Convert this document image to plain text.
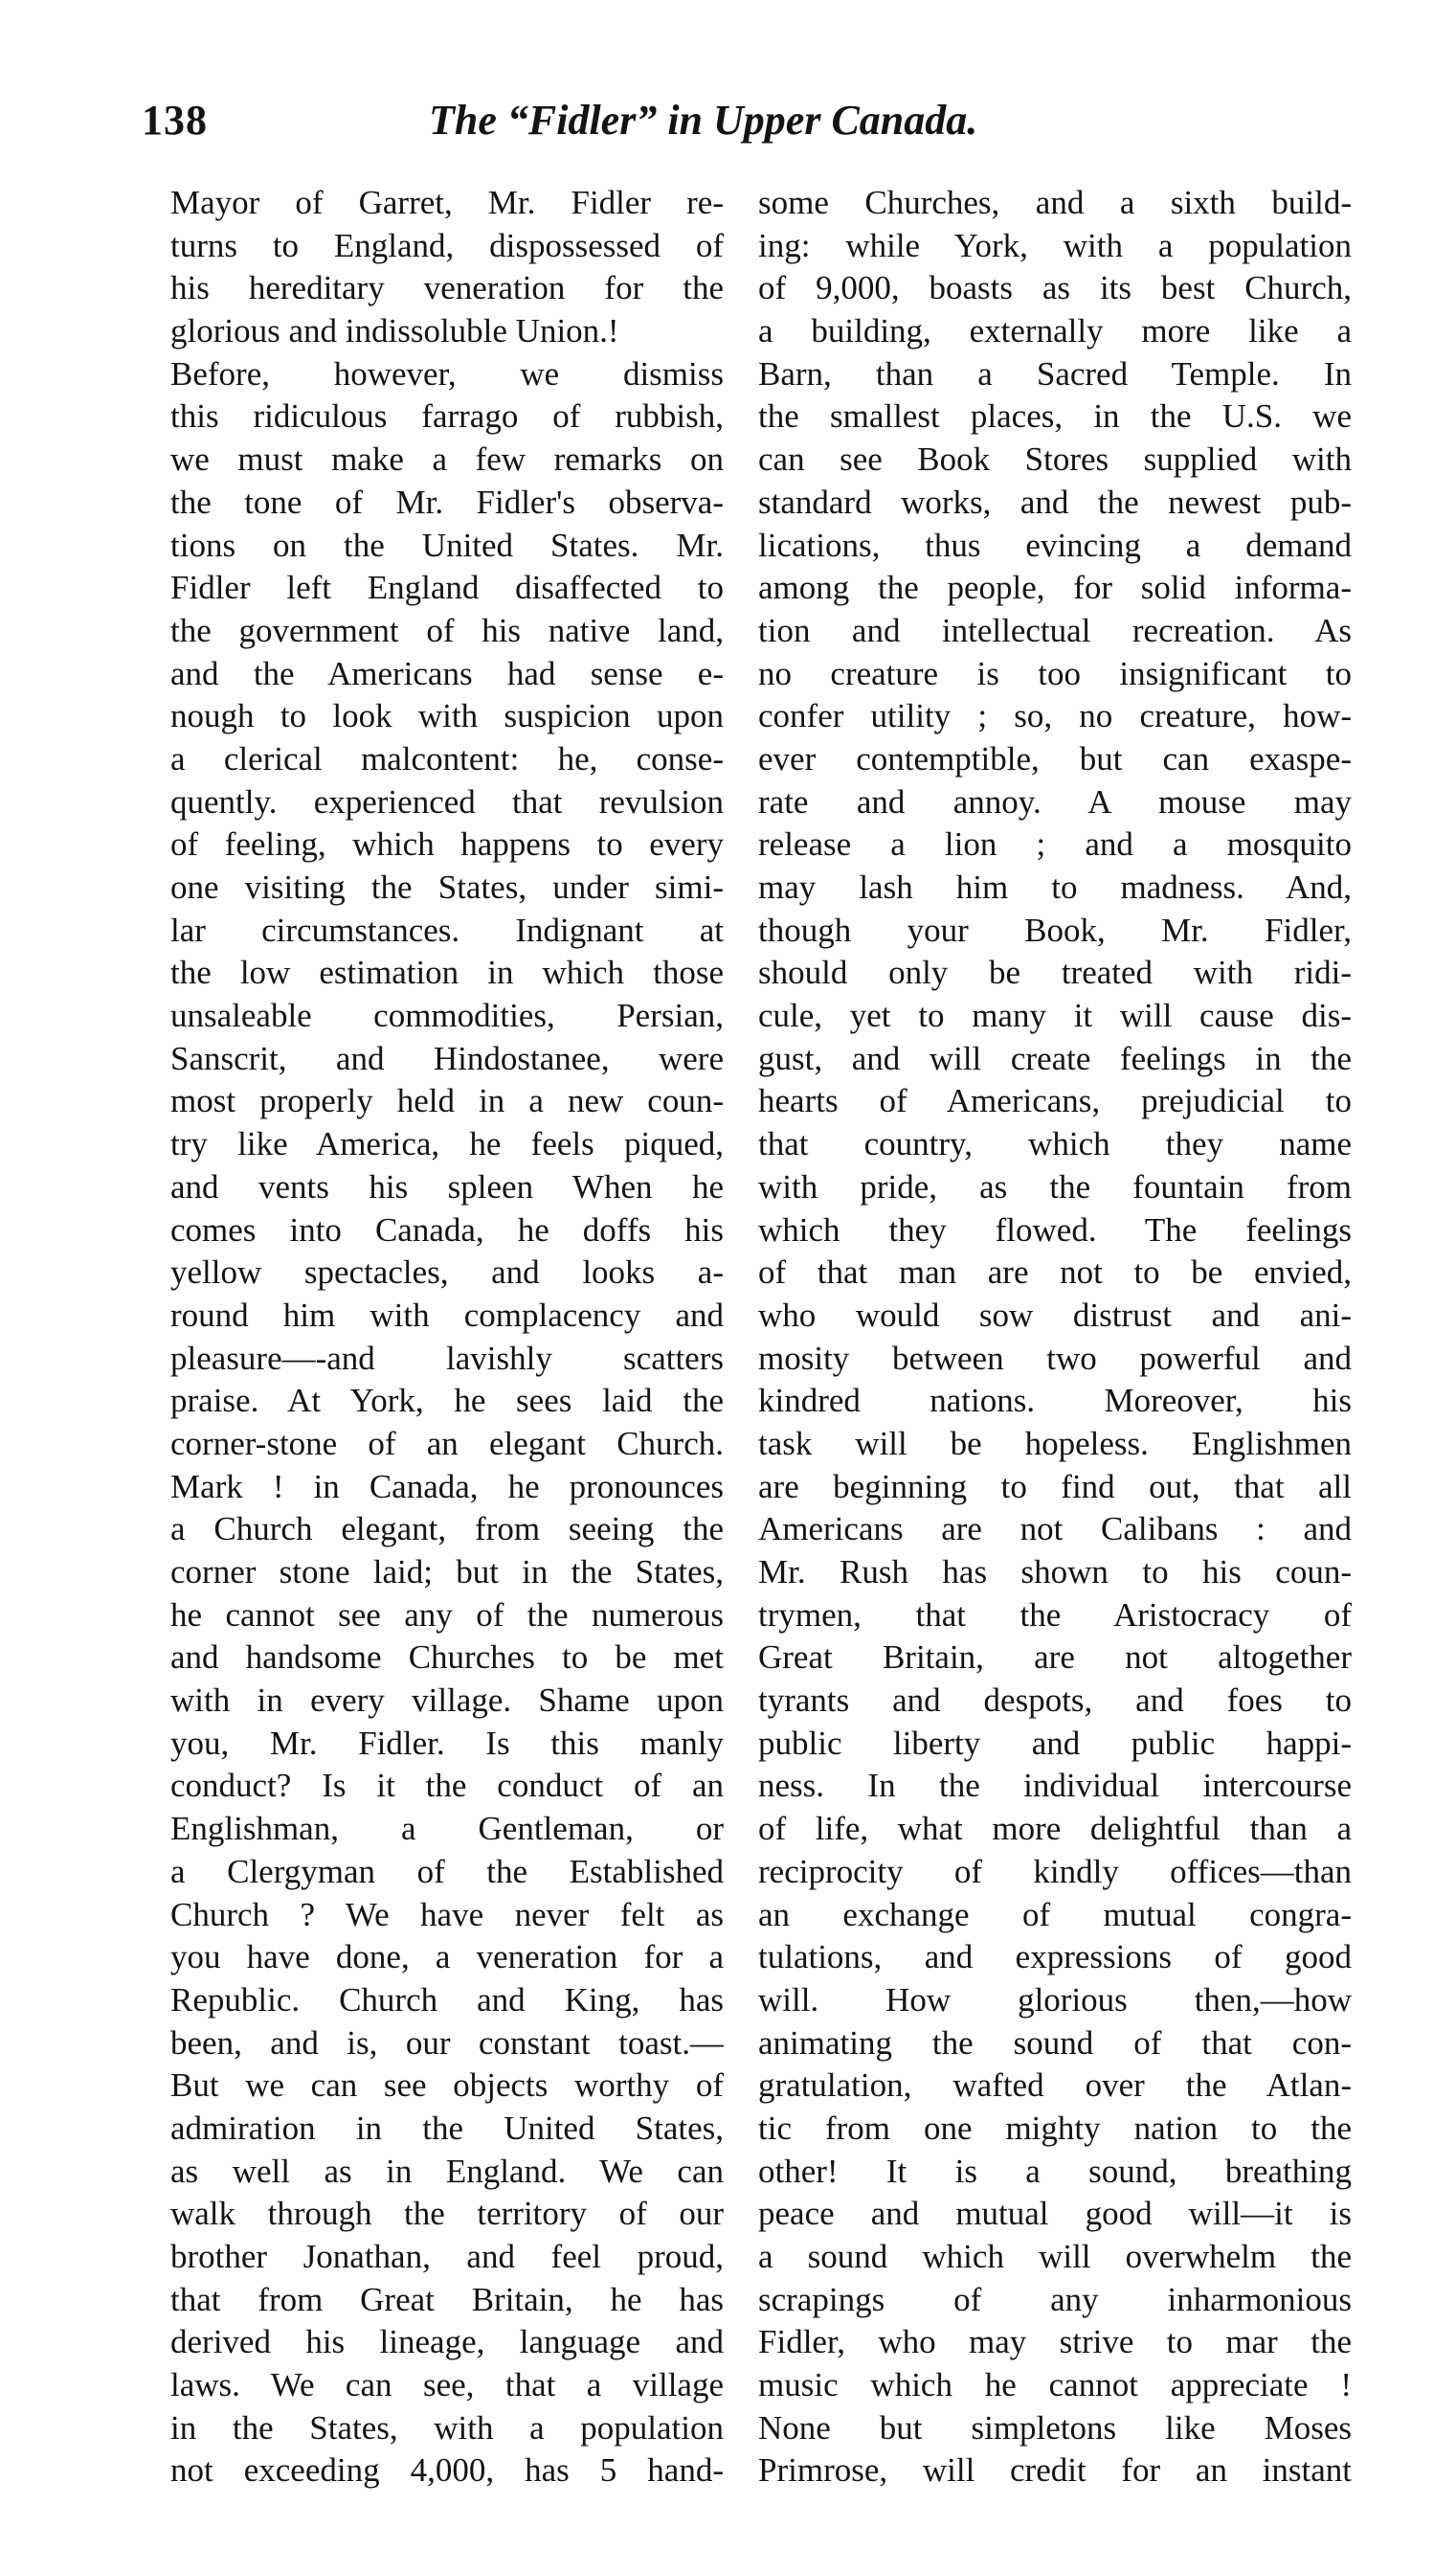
138	The “Fidler” in Upper Canada.
Mayor of Garret, Mr. Fidler re-
turns to England, dispossessed of
his hereditary veneration for the
glorious and indissoluble Union.!
Before, however, we dismiss
this ridiculous farrago of rubbish,
we must make a few remarks on
the tone of Mr. Fidler's observa-
tions on the United States. Mr.
Fidler left England disaffected to
the government of his native land,
and the Americans had sense e-
nough to look with suspicion upon
a clerical malcontent: he, conse-
quently. experienced that revulsion
of feeling, which happens to every
one visiting the States, under simi-
lar circumstances. Indignant at
the low estimation in which those
unsaleable commodities, Persian,
Sanscrit, and Hindostanee, were
most properly held in a new coun-
try like America, he feels piqued,
and vents his spleen When he
comes into Canada, he doffs his
yellow spectacles, and looks a-
round him with complacency and
pleasure—-and lavishly scatters
praise. At York, he sees laid the
corner-stone of an elegant Church.
Mark ! in Canada, he pronounces
a Church elegant, from seeing the
corner stone laid; but in the States,
he cannot see any of the numerous
and handsome Churches to be met
with in every village. Shame upon
you, Mr. Fidler. Is this manly
conduct? Is it the conduct of an
Englishman, a Gentleman, or
a Clergyman of the Established
Church ? We have never felt as
you have done, a veneration for a
Republic. Church and King, has
been, and is, our constant toast.—
But we can see objects worthy of
admiration in the United States,
as well as in England. We can
walk through the territory of our
brother Jonathan, and feel proud,
that from Great Britain, he has
derived his lineage, language and
laws. We can see, that a village
in the States, with a population
not exceeding 4,000, has 5 hand-
some Churches, and a sixth build-
ing: while York, with a population
of 9,000, boasts as its best Church,
a building, externally more like a
Barn, than a Sacred Temple. In
the smallest places, in the U.S. we
can see Book Stores supplied with
standard works, and the newest pub-
lications, thus evincing a demand
among the people, for solid informa-
tion and intellectual recreation. As
no creature is too insignificant to
confer utility ; so, no creature, how-
ever contemptible, but can exaspe-
rate and annoy. A mouse may
release a lion ; and a mosquito
may lash him to madness. And,
though your Book, Mr. Fidler,
should only be treated with ridi-
cule, yet to many it will cause dis-
gust, and will create feelings in the
hearts of Americans, prejudicial to
that country, which they name
with pride, as the fountain from
which they flowed. The feelings
of that man are not to be envied,
who would sow distrust and ani-
mosity between two powerful and
kindred nations. Moreover, his
task will be hopeless. Englishmen
are beginning to find out, that all
Americans are not Calibans : and
Mr. Rush has shown to his coun-
trymen, that the Aristocracy of
Great Britain, are not altogether
tyrants and despots, and foes to
public liberty and public happi-
ness. In the individual intercourse
of life, what more delightful than a
reciprocity of kindly offices—than
an exchange of mutual congra-
tulations, and expressions of good
will. How glorious then,—how
animating the sound of that con-
gratulation, wafted over the Atlan-
tic from one mighty nation to the
other! It is a sound, breathing
peace and mutual good will—it is
a sound which will overwhelm the
scrapings of any inharmonious
Fidler, who may strive to mar the
music which he cannot appreciate !
None but simpletons like Moses
Primrose, will credit for an instant
